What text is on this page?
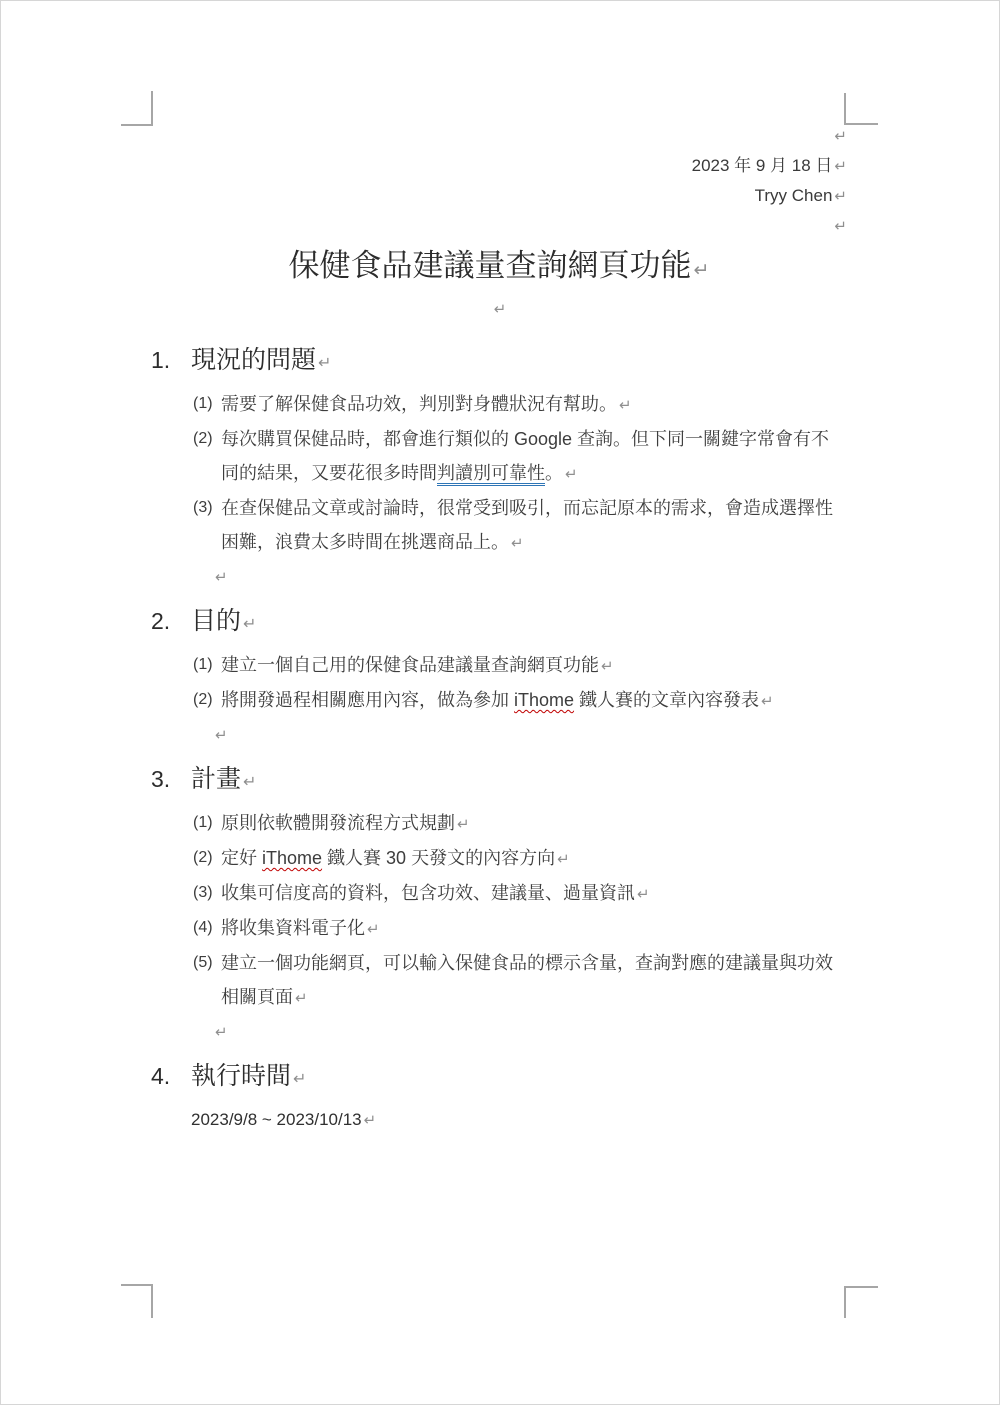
↵
2023 年 9 月 18 日 ↵
Tryy Chen ↵
↵
保健食品建議量查詢網頁功能 ↵
↵
1. 現況的問題 ↵
(1) 需要了解保健食品功效，判別對身體狀況有幫助。 ↵
(2) 每次購買保健品時，都會進行類似的 Google 查詢。但下同一關鍵字常會有不同的結果，又要花很多時間判讀別可靠性。 ↵
(3) 在查保健品文章或討論時，很常受到吸引，而忘記原本的需求，會造成選擇性困難，浪費太多時間在挑選商品上。 ↵
↵
2. 目的 ↵
(1) 建立一個自己用的保健食品建議量查詢網頁功能 ↵
(2) 將開發過程相關應用內容，做為參加 iThome 鐵人賽的文章內容發表 ↵
↵
3. 計畫 ↵
(1) 原則依軟體開發流程方式規劃 ↵
(2) 定好 iThome 鐵人賽 30 天發文的內容方向 ↵
(3) 收集可信度高的資料，包含功效、建議量、過量資訊 ↵
(4) 將收集資料電子化 ↵
(5) 建立一個功能網頁，可以輸入保健食品的標示含量，查詢對應的建議量與功效相關頁面 ↵
↵
4. 執行時間 ↵
2023/9/8 ~ 2023/10/13 ↵
